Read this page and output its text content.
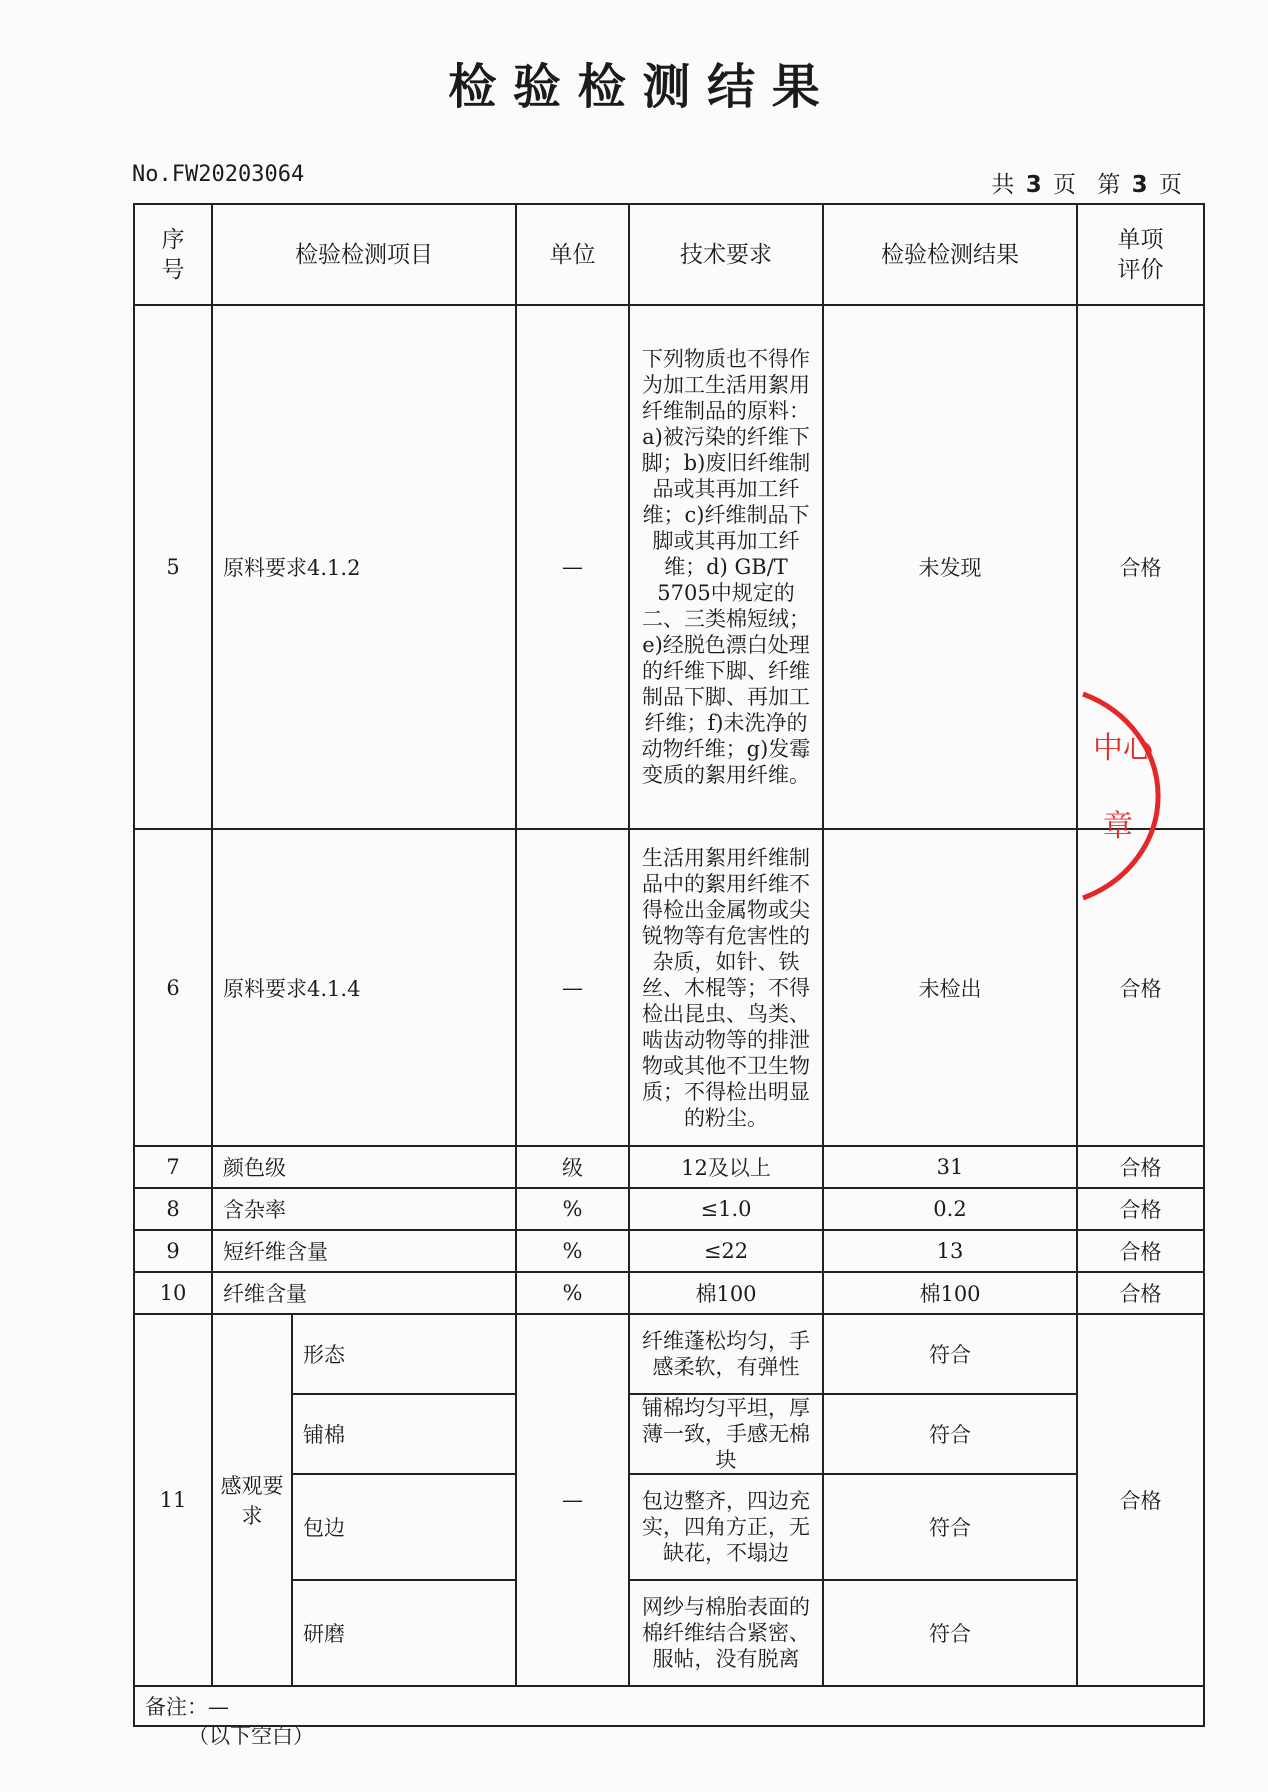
检 验 检 测 结 果
No.FW20203064	共 3 页 第 3 页
序号	检验检测项目		单位	技术要求	检验检测结果	单项评价
5	原料要求4.1.2		—	下列物质也不得作为加工生活用絮用纤维制品的原料：a)被污染的纤维下脚；b)废旧纤维制品或其再加工纤维；c)纤维制品下脚或其再加工纤维；d) GB/T 5705中规定的二、三类棉短绒；e)经脱色漂白处理的纤维下脚、纤维制品下脚、再加工纤维；f)未洗净的动物纤维；g)发霉变质的絮用纤维。	未发现	合格
6	原料要求4.1.4		—	生活用絮用纤维制品中的絮用纤维不得检出金属物或尖锐物等有危害性的杂质，如针、铁丝、木棍等；不得检出昆虫、鸟类、啮齿动物等的排泄物或其他不卫生物质；不得检出明显的粉尘。	未检出	合格
7	颜色级		级	12及以上	31	合格
8	含杂率		%	≤1.0	0.2	合格
9	短纤维含量		%	≤22	13	合格
10	纤维含量		%	棉100	棉100	合格
11	感观要求	形态	—	纤维蓬松均匀，手感柔软，有弹性	符合	合格
		铺棉		铺棉均匀平坦，厚薄一致，手感无棉块	符合	
		包边		包边整齐，四边充实，四角方正，无缺花，不塌边	符合	
		研磨		网纱与棉胎表面的棉纤维结合紧密、服帖，没有脱离	符合	
备注：—						
（以下空白）
中心
章
